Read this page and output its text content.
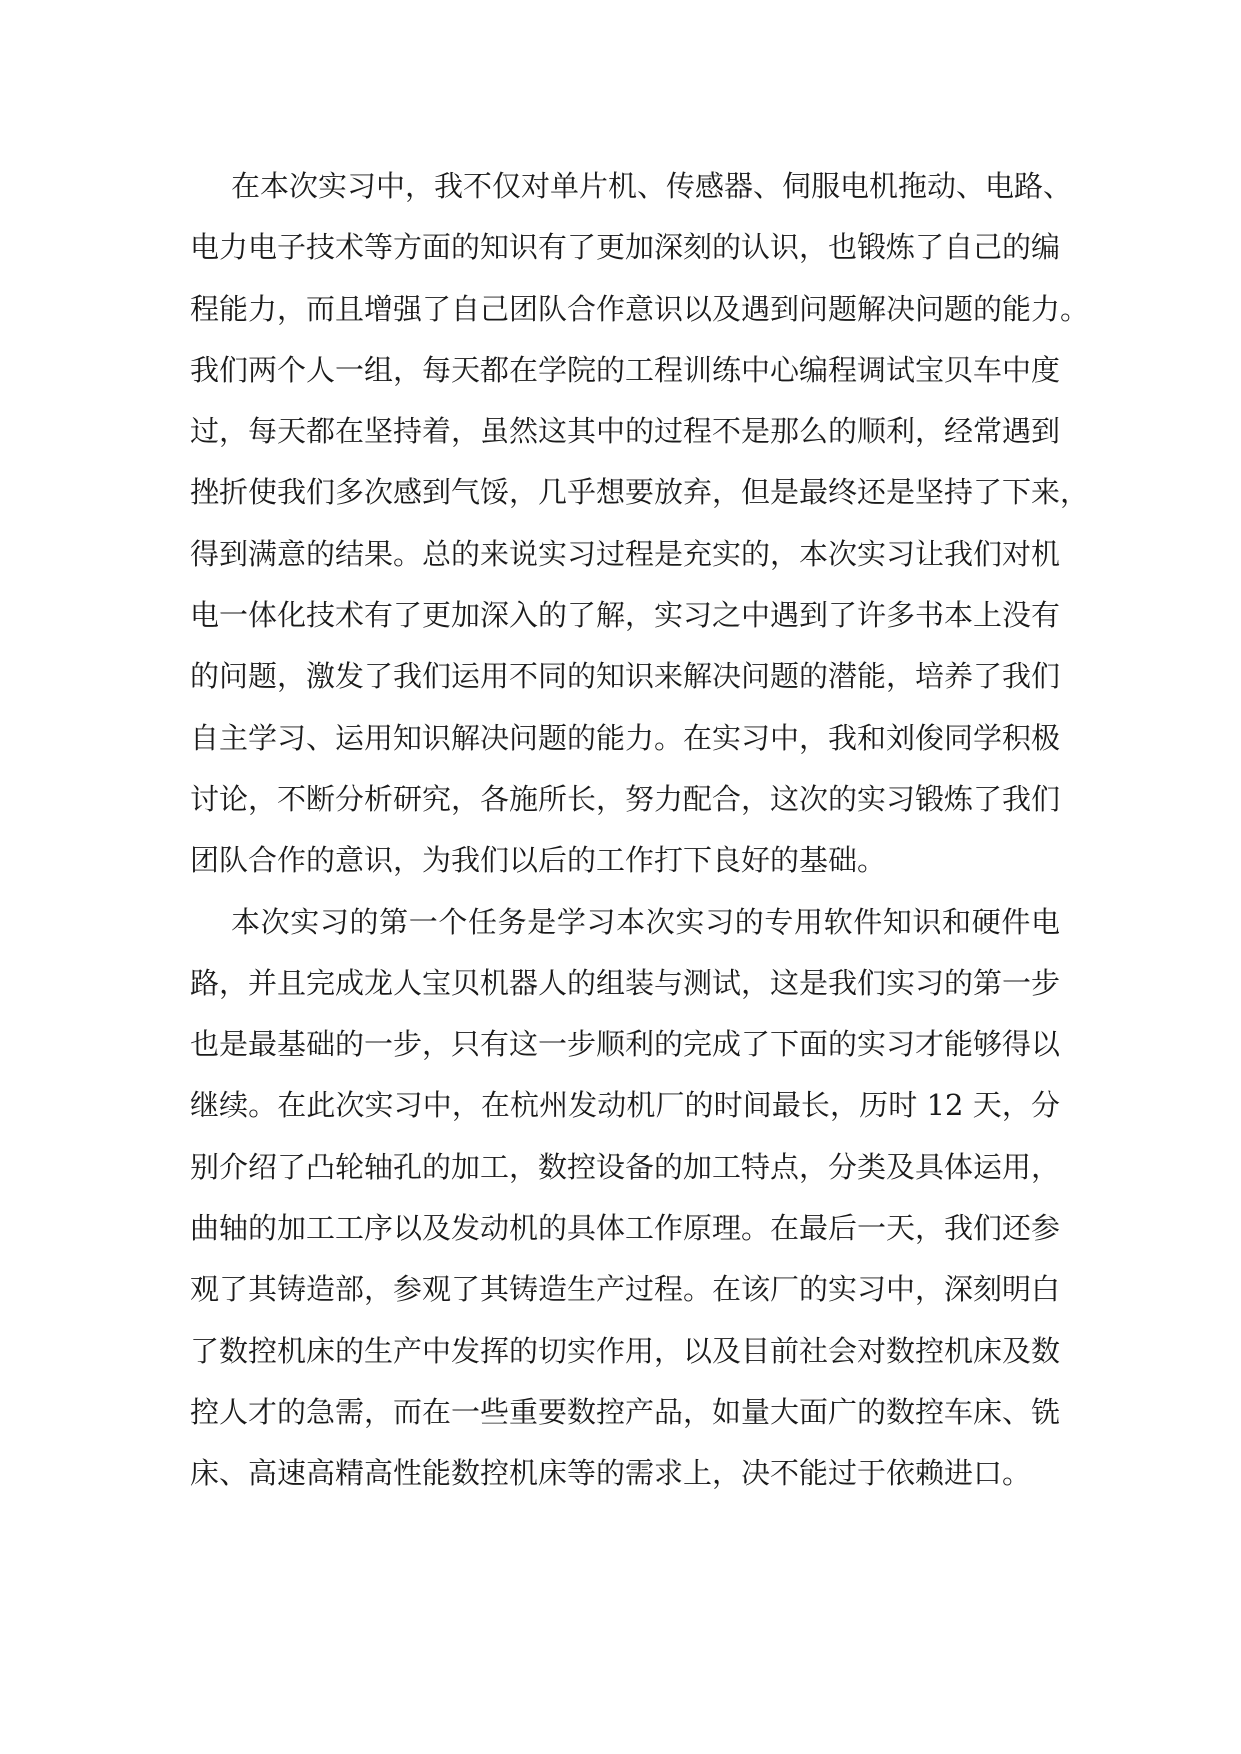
在本次实习中，我不仅对单片机、传感器、伺服电机拖动、电路、
电力电子技术等方面的知识有了更加深刻的认识，也锻炼了自己的编
程能力，而且增强了自己团队合作意识以及遇到问题解决问题的能力。
我们两个人一组，每天都在学院的工程训练中心编程调试宝贝车中度
过，每天都在坚持着，虽然这其中的过程不是那么的顺利，经常遇到
挫折使我们多次感到气馁，几乎想要放弃，但是最终还是坚持了下来，
得到满意的结果。总的来说实习过程是充实的，本次实习让我们对机
电一体化技术有了更加深入的了解，实习之中遇到了许多书本上没有
的问题，激发了我们运用不同的知识来解决问题的潜能，培养了我们
自主学习、运用知识解决问题的能力。在实习中，我和刘俊同学积极
讨论，不断分析研究，各施所长，努力配合，这次的实习锻炼了我们
团队合作的意识，为我们以后的工作打下良好的基础。
本次实习的第一个任务是学习本次实习的专用软件知识和硬件电
路，并且完成龙人宝贝机器人的组装与测试，这是我们实习的第一步
也是最基础的一步，只有这一步顺利的完成了下面的实习才能够得以
继续。在此次实习中，在杭州发动机厂的时间最长，历时 12 天，分
别介绍了凸轮轴孔的加工，数控设备的加工特点，分类及具体运用，
曲轴的加工工序以及发动机的具体工作原理。在最后一天，我们还参
观了其铸造部，参观了其铸造生产过程。在该厂的实习中，深刻明白
了数控机床的生产中发挥的切实作用，以及目前社会对数控机床及数
控人才的急需，而在一些重要数控产品，如量大面广的数控车床、铣
床、高速高精高性能数控机床等的需求上，决不能过于依赖进口。
